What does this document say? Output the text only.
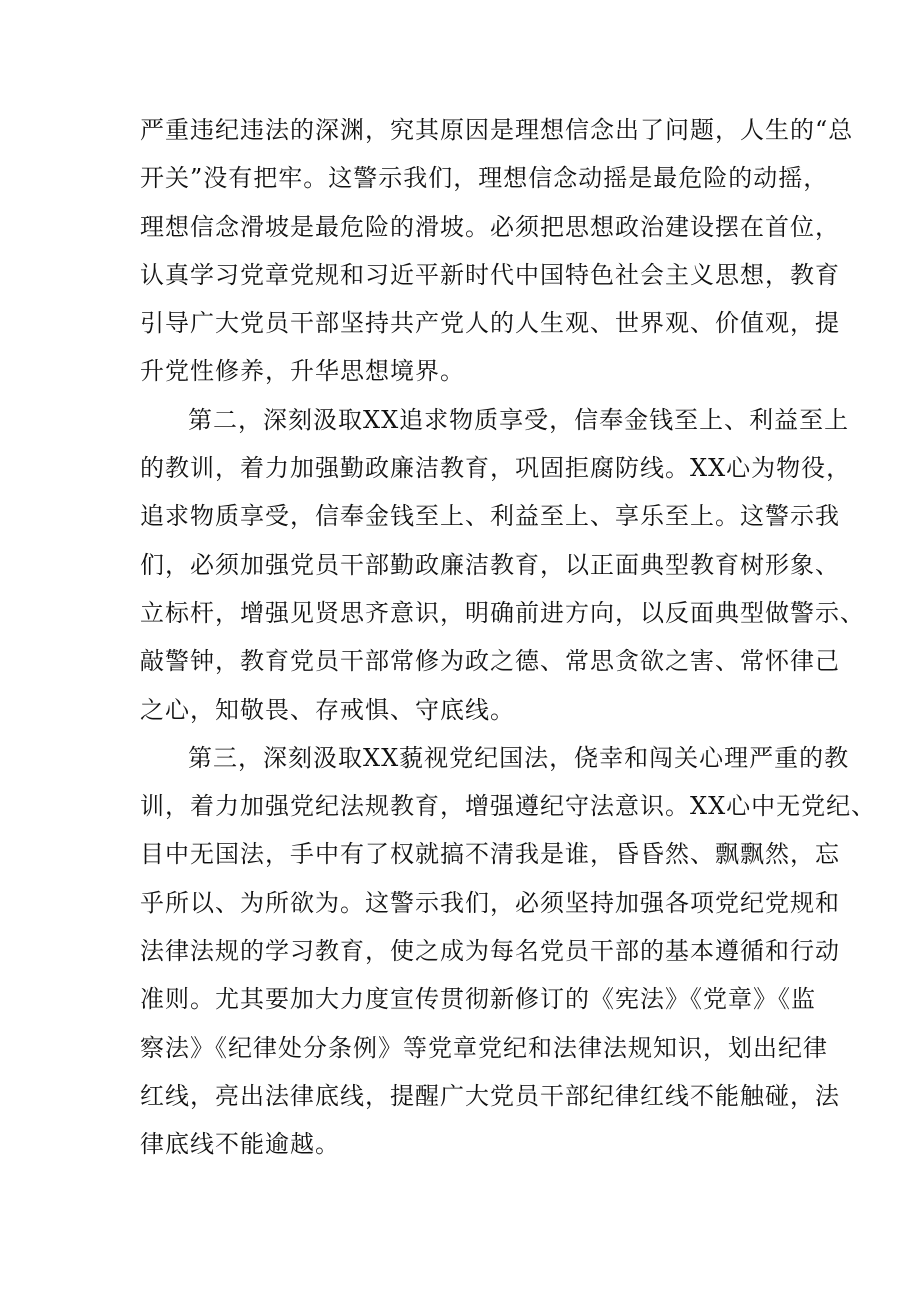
严重违纪违法的深渊，究其原因是理想信念出了问题，人生的“总
开关”没有把牢。这警示我们，理想信念动摇是最危险的动摇，
理想信念滑坡是最危险的滑坡。必须把思想政治建设摆在首位，
认真学习党章党规和习近平新时代中国特色社会主义思想，教育
引导广大党员干部坚持共产党人的人生观、世界观、价值观，提
升党性修养，升华思想境界。
第二，深刻汲取XX追求物质享受，信奉金钱至上、利益至上
的教训，着力加强勤政廉洁教育，巩固拒腐防线。XX心为物役，
追求物质享受，信奉金钱至上、利益至上、享乐至上。这警示我
们，必须加强党员干部勤政廉洁教育，以正面典型教育树形象、
立标杆，增强见贤思齐意识，明确前进方向，以反面典型做警示、
敲警钟，教育党员干部常修为政之德、常思贪欲之害、常怀律己
之心，知敬畏、存戒惧、守底线。
第三，深刻汲取XX藐视党纪国法，侥幸和闯关心理严重的教
训，着力加强党纪法规教育，增强遵纪守法意识。XX心中无党纪、
目中无国法，手中有了权就搞不清我是谁，昏昏然、飘飘然，忘
乎所以、为所欲为。这警示我们，必须坚持加强各项党纪党规和
法律法规的学习教育，使之成为每名党员干部的基本遵循和行动
准则。尤其要加大力度宣传贯彻新修订的《宪法》《党章》《监
察法》《纪律处分条例》等党章党纪和法律法规知识，划出纪律
红线，亮出法律底线，提醒广大党员干部纪律红线不能触碰，法
律底线不能逾越。
